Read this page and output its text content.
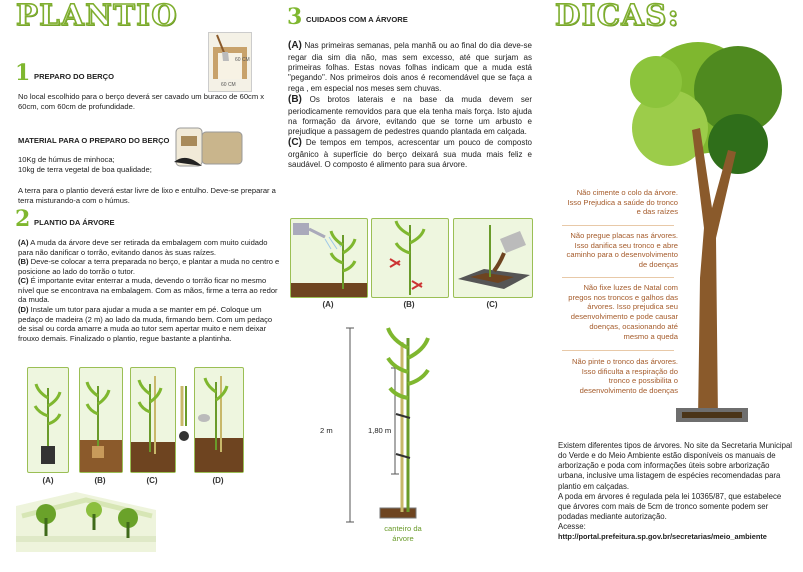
PLANTIO
1 PREPARO DO BERÇO
No local escolhido para o berço deverá ser cavado um buraco de 60cm x 60cm, com 60cm de profundidade.
60 CM
60 CM
MATERIAL PARA O PREPARO DO BERÇO
10Kg de húmus de minhoca;
10kg de terra vegetal de boa qualidade;
A terra para o plantio deverá estar livre de lixo e entulho. Deve-se preparar a terra misturando-a com o húmus.
2 PLANTIO DA ÁRVORE
(A) A muda da árvore deve ser retirada da embalagem com muito cuidado para não danificar o torrão, evitando danos às suas raízes.
(B) Deve-se colocar a terra preparada no berço, e plantar a muda no centro e posicione ao lado do torrão o tutor.
(C) É importante evitar enterrar a muda, devendo o torrão ficar no mesmo nível que se encontrava na embalagem. Com as mãos, firme a terra ao redor da muda.
(D) Instale um tutor para ajudar a muda a se manter em pé. Coloque um pedaço de madeira (2 m) ao lado da muda, firmando bem. Com um pedaço de sisal ou corda amarre a muda ao tutor sem apertar muito e nem deixar frouxo demais. Finalizado o plantio, regue bastante a plantinha.
(A)	(B)	(C)	(D)
3 CUIDADOS COM A ÁRVORE
(A) Nas primeiras semanas, pela manhã ou ao final do dia deve-se regar dia sim dia não, mas sem excesso, até que surjam as primeiras folhas. Estas novas folhas indicam que a muda está "pegando". Nos primeiros dois anos é recomendável que se faça a rega , em especial nos meses sem chuvas.
(B) Os brotos laterais e na base da muda devem ser periodicamente removidos para que ela tenha mais força. Isto ajuda na formação da árvore, evitando que se torne um arbusto e prejudique a passagem de pedestres quando plantada em calçada.
(C) De tempos em tempos, acrescentar um pouco de composto orgânico à superfície do berço deixará sua muda mais feliz e saudável. O composto é alimento para sua árvore.
(A)	(B)	(C)
2 m	1,80 m
canteiro da
árvore
DICAS:
Não cimente o colo da árvore. Isso Prejudica a saúde do tronco e das raízes
Não pregue placas nas árvores. Isso danifica seu tronco e abre caminho para o desenvolvimento de doenças
Não fixe luzes de Natal com pregos nos troncos e galhos das árvores. Isso prejudica seu desenvolvimento e pode causar doenças, ocasionando até mesmo a queda
Não pinte o tronco das árvores. Isso dificulta a respiração do tronco e possibilita o desenvolvimento de doenças
Existem diferentes tipos de árvores. No site da Secretaria Municipal do Verde e do Meio Ambiente estão disponíveis os manuais de arborização e poda com informações úteis sobre arborização urbana, inclusive uma listagem de espécies recomendadas para plantio em calçadas.
A poda em árvores é regulada pela lei 10365/87, que estabelece que árvores com mais de 5cm de tronco somente podem ser podadas mediante autorização.
Acesse:
http://portal.prefeitura.sp.gov.br/secretarias/meio_ambiente
